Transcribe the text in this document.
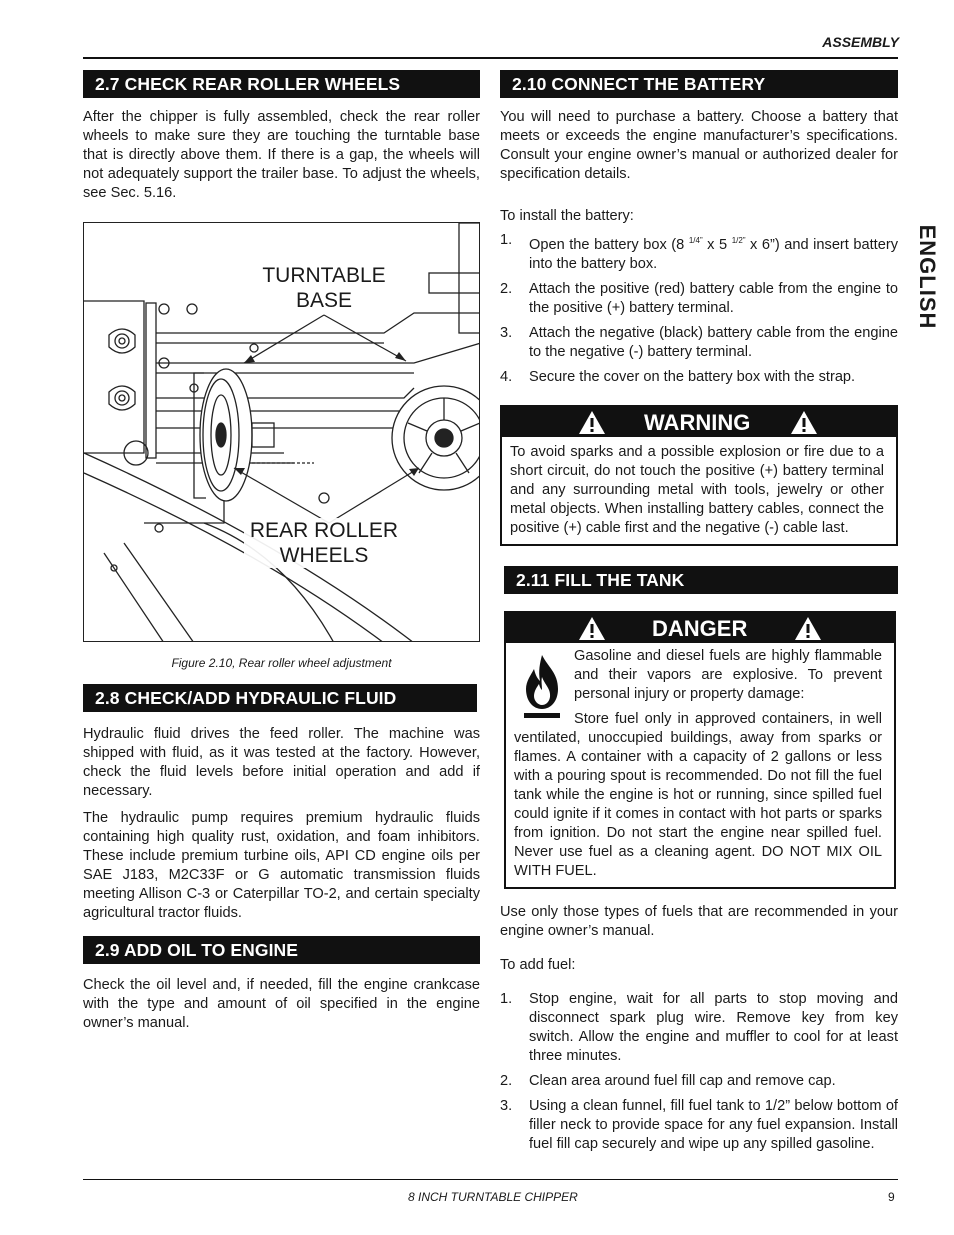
ASSEMBLY
ENGLISH
2.7 CHECK REAR ROLLER WHEELS

After the chipper is fully assembled, check the rear roller wheels to make sure they are touching the turntable base that is directly above them. If there is a gap, the wheels will not adequately support the trailer base. To adjust the wheels, see Sec. 5.16.

TURNTABLE
BASE
REAR ROLLER
WHEELS
Figure 2.10, Rear roller wheel adjustment
2.8 CHECK/ADD HYDRAULIC FLUID

Hydraulic fluid drives the feed roller. The machine was shipped with fluid, as it was tested at the factory. However, check the fluid levels before initial operation and add if necessary.

The hydraulic pump requires premium hydraulic fluids containing high quality rust, oxidation, and foam inhibitors. These include premium turbine oils, API CD engine oils per SAE J183, M2C33F or G automatic transmission fluids meeting Allison C-3 or Caterpillar TO-2, and certain specialty agricultural tractor fluids.

2.9 ADD OIL TO ENGINE

Check the oil level and, if needed, fill the engine crankcase with the type and amount of oil specified in the engine owner’s manual.

2.10 CONNECT THE BATTERY

You will need to purchase a battery. Choose a battery that meets or exceeds the engine manufacturer’s specifications. Consult your engine owner’s manual or authorized dealer for specification details.

To install the battery:

1. Open the battery box (8 $^{1/4”}$ x 5 $^{1/2”}$ x 6”) and insert battery into the battery box.
2. Attach the positive (red) battery cable from the engine to the positive (+) battery terminal.
3. Attach the negative (black) battery cable from the engine to the negative (-) battery terminal.
4. Secure the cover on the battery box with the strap.
WARNING
To avoid sparks and a possible explosion or fire due to a short circuit, do not touch the positive (+) battery terminal and any surrounding metal with tools, jewelry or other metal objects. When installing battery cables, connect the positive (+) cable first and the negative (-) cable last.
2.11 FILL THE TANK
DANGER
Gasoline and diesel fuels are highly flammable and their vapors are explosive. To prevent personal injury or property damage:
Store fuel only in approved containers, in well ventilated, unoccupied buildings, away from sparks or flames. A container with a capacity of 2 gallons or less with a pouring spout is recommended. Do not fill the fuel tank while the engine is hot or running, since spilled fuel could ignite if it comes in contact with hot parts or sparks from ignition. Do not start the engine near spilled fuel. Never use fuel as a cleaning agent. DO NOT MIX OIL WITH FUEL.

Use only those types of fuels that are recommended in your engine owner’s manual.

To add fuel:

1. Stop engine, wait for all parts to stop moving and disconnect spark plug wire. Remove key from key switch. Allow the engine and muffler to cool for at least three minutes.
2. Clean area around fuel fill cap and remove cap.
3. Using a clean funnel, fill fuel tank to 1/2” below bottom of filler neck to provide space for any fuel expansion. Install fuel fill cap securely and wipe up any spilled gasoline.
8 INCH TURNTABLE CHIPPER	9
